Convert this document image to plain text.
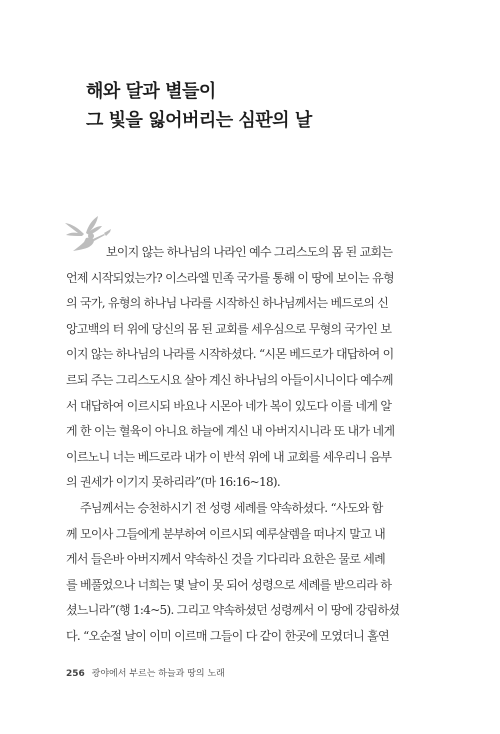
해와 달과 별들이
그 빛을 잃어버리는 심판의 날
보이지 않는 하나님의 나라인 예수 그리스도의 몸 된 교회는
언제 시작되었는가? 이스라엘 민족 국가를 통해 이 땅에 보이는 유형
의 국가, 유형의 하나님 나라를 시작하신 하나님께서는 베드로의 신
앙고백의 터 위에 당신의 몸 된 교회를 세우심으로 무형의 국가인 보
이지 않는 하나님의 나라를 시작하셨다. “시몬 베드로가 대답하여 이
르되 주는 그리스도시요 살아 계신 하나님의 아들이시니이다 예수께
서 대답하여 이르시되 바요나 시몬아 네가 복이 있도다 이를 네게 알
게 한 이는 혈육이 아니요 하늘에 계신 내 아버지시니라 또 내가 네게
이르노니 너는 베드로라 내가 이 반석 위에 내 교회를 세우리니 음부
의 권세가 이기지 못하리라”(마 16:16~18).
주님께서는 승천하시기 전 성령 세례를 약속하셨다. “사도와 함
께 모이사 그들에게 분부하여 이르시되 예루살렘을 떠나지 말고 내
게서 들은바 아버지께서 약속하신 것을 기다리라 요한은 물로 세례
를 베풀었으나 너희는 몇 날이 못 되어 성령으로 세례를 받으리라 하
셨느니라”(행 1:4~5). 그리고 약속하셨던 성령께서 이 땅에 강림하셨
다. “오순절 날이 이미 이르매 그들이 다 같이 한곳에 모였더니 홀연
256 광야에서 부르는 하늘과 땅의 노래
